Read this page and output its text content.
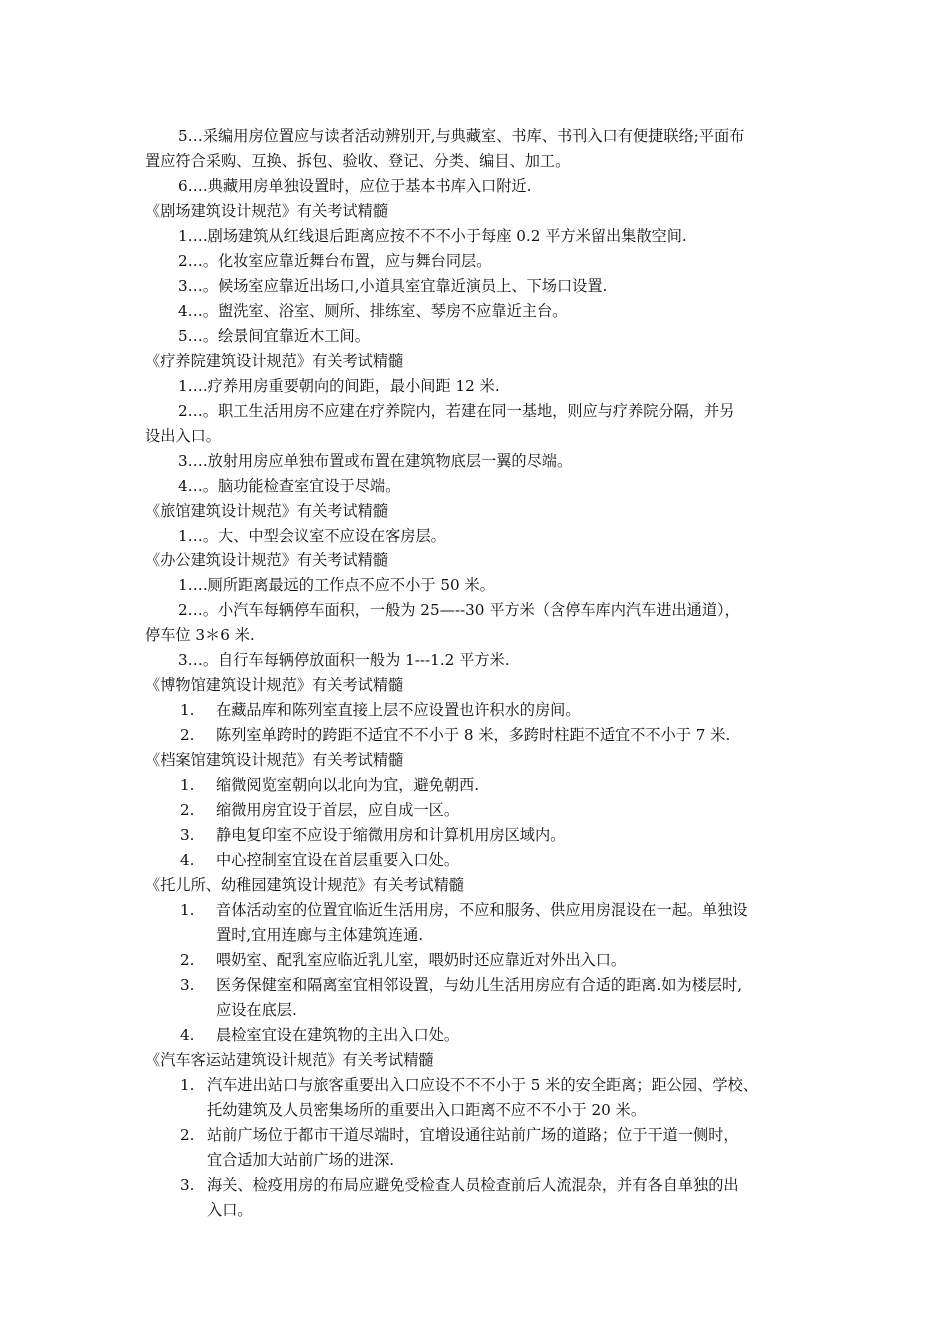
5…采编用房位置应与读者活动辨别开,与典藏室、书库、书刊入口有便捷联络;平面布
置应符合采购、互换、拆包、验收、登记、分类、编目、加工。
6….典藏用房单独设置时，应位于基本书库入口附近.
《剧场建筑设计规范》有关考试精髓
1….剧场建筑从红线退后距离应按不不不小于每座 0.2 平方米留出集散空间.
2…。化妆室应靠近舞台布置，应与舞台同层。
3…。候场室应靠近出场口,小道具室宜靠近演员上、下场口设置.
4…。盥洗室、浴室、厕所、排练室、琴房不应靠近主台。
5…。绘景间宜靠近木工间。
《疗养院建筑设计规范》有关考试精髓
1….疗养用房重要朝向的间距，最小间距 12 米.
2…。职工生活用房不应建在疗养院内，若建在同一基地，则应与疗养院分隔，并另
设出入口。
3….放射用房应单独布置或布置在建筑物底层一翼的尽端。
4…。脑功能检查室宜设于尽端。
《旅馆建筑设计规范》有关考试精髓
1…。大、中型会议室不应设在客房层。
《办公建筑设计规范》有关考试精髓
1….厕所距离最远的工作点不应不小于 50 米。
2…。小汽车每辆停车面积，一般为 25—--30 平方米（含停车库内汽车进出通道），
停车位 3＊6 米.
3…。自行车每辆停放面积一般为 1---1.2 平方米.
《博物馆建筑设计规范》有关考试精髓
1. 在藏品库和陈列室直接上层不应设置也许积水的房间。
2. 陈列室单跨时的跨距不适宜不不小于 8 米，多跨时柱距不适宜不不小于 7 米.
《档案馆建筑设计规范》有关考试精髓
1. 缩微阅览室朝向以北向为宜，避免朝西.
2. 缩微用房宜设于首层，应自成一区。
3. 静电复印室不应设于缩微用房和计算机用房区域内。
4. 中心控制室宜设在首层重要入口处。
《托儿所、幼稚园建筑设计规范》有关考试精髓
1. 音体活动室的位置宜临近生活用房，不应和服务、供应用房混设在一起。单独设
置时,宜用连廊与主体建筑连通.
2. 喂奶室、配乳室应临近乳儿室，喂奶时还应靠近对外出入口。
3. 医务保健室和隔离室宜相邻设置，与幼儿生活用房应有合适的距离.如为楼层时,
应设在底层.
4. 晨检室宜设在建筑物的主出入口处。
《汽车客运站建筑设计规范》有关考试精髓
1. 汽车进出站口与旅客重要出入口应设不不不小于 5 米的安全距离；距公园、学校、
托幼建筑及人员密集场所的重要出入口距离不应不不小于 20 米。
2. 站前广场位于都市干道尽端时，宜增设通往站前广场的道路；位于干道一侧时，
宜合适加大站前广场的进深.
3. 海关、检疫用房的布局应避免受检查人员检查前后人流混杂，并有各自单独的出
入口。
